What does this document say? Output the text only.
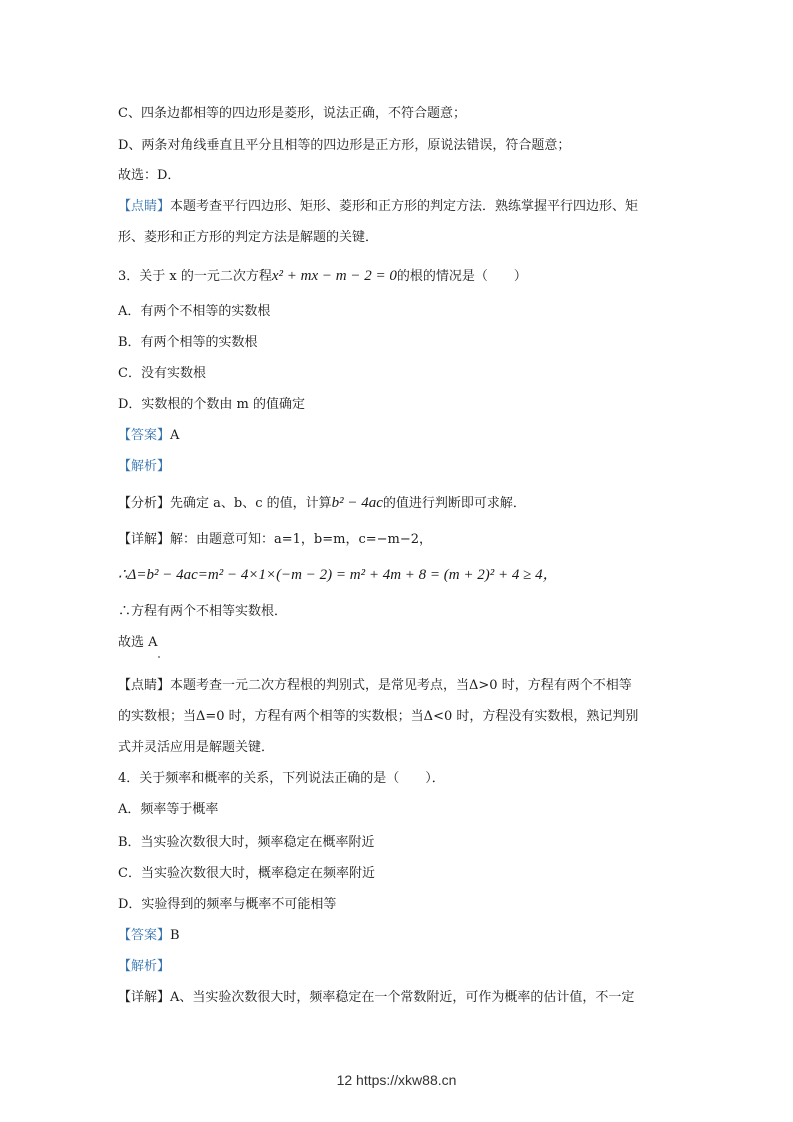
C、四条边都相等的四边形是菱形，说法正确，不符合题意；
D、两条对角线垂直且平分且相等的四边形是正方形，原说法错误，符合题意；
故选：D．
【点睛】本题考查平行四边形、矩形、菱形和正方形的判定方法．熟练掌握平行四边形、矩
形、菱形和正方形的判定方法是解题的关键．
3．关于 x 的一元二次方程x² + mx − m − 2 = 0的根的情况是（　　）
A．有两个不相等的实数根
B．有两个相等的实数根
C．没有实数根
D．实数根的个数由 m 的值确定
【答案】A
【解析】
【分析】先确定 a、b、c 的值，计算b² − 4ac的值进行判断即可求解．
【详解】解：由题意可知：a=1，b=m，c=−m−2，
∴Δ=b² − 4ac=m² − 4×1×(−m − 2) = m² + 4m + 8 = (m + 2)² + 4 ≥ 4，
∴方程有两个不相等实数根．
故选 A
【点睛】本题考查一元二次方程根的判别式，是常见考点，当Δ>0 时，方程有两个不相等
的实数根；当Δ=0 时，方程有两个相等的实数根；当Δ<0 时，方程没有实数根，熟记判别
式并灵活应用是解题关键．
4．关于频率和概率的关系，下列说法正确的是（　　）．
A．频率等于概率
B．当实验次数很大时，频率稳定在概率附近
C．当实验次数很大时，概率稳定在频率附近
D．实验得到的频率与概率不可能相等
【答案】B
【解析】
【详解】A、当实验次数很大时，频率稳定在一个常数附近，可作为概率的估计值，不一定
12 https://xkw88.cn
